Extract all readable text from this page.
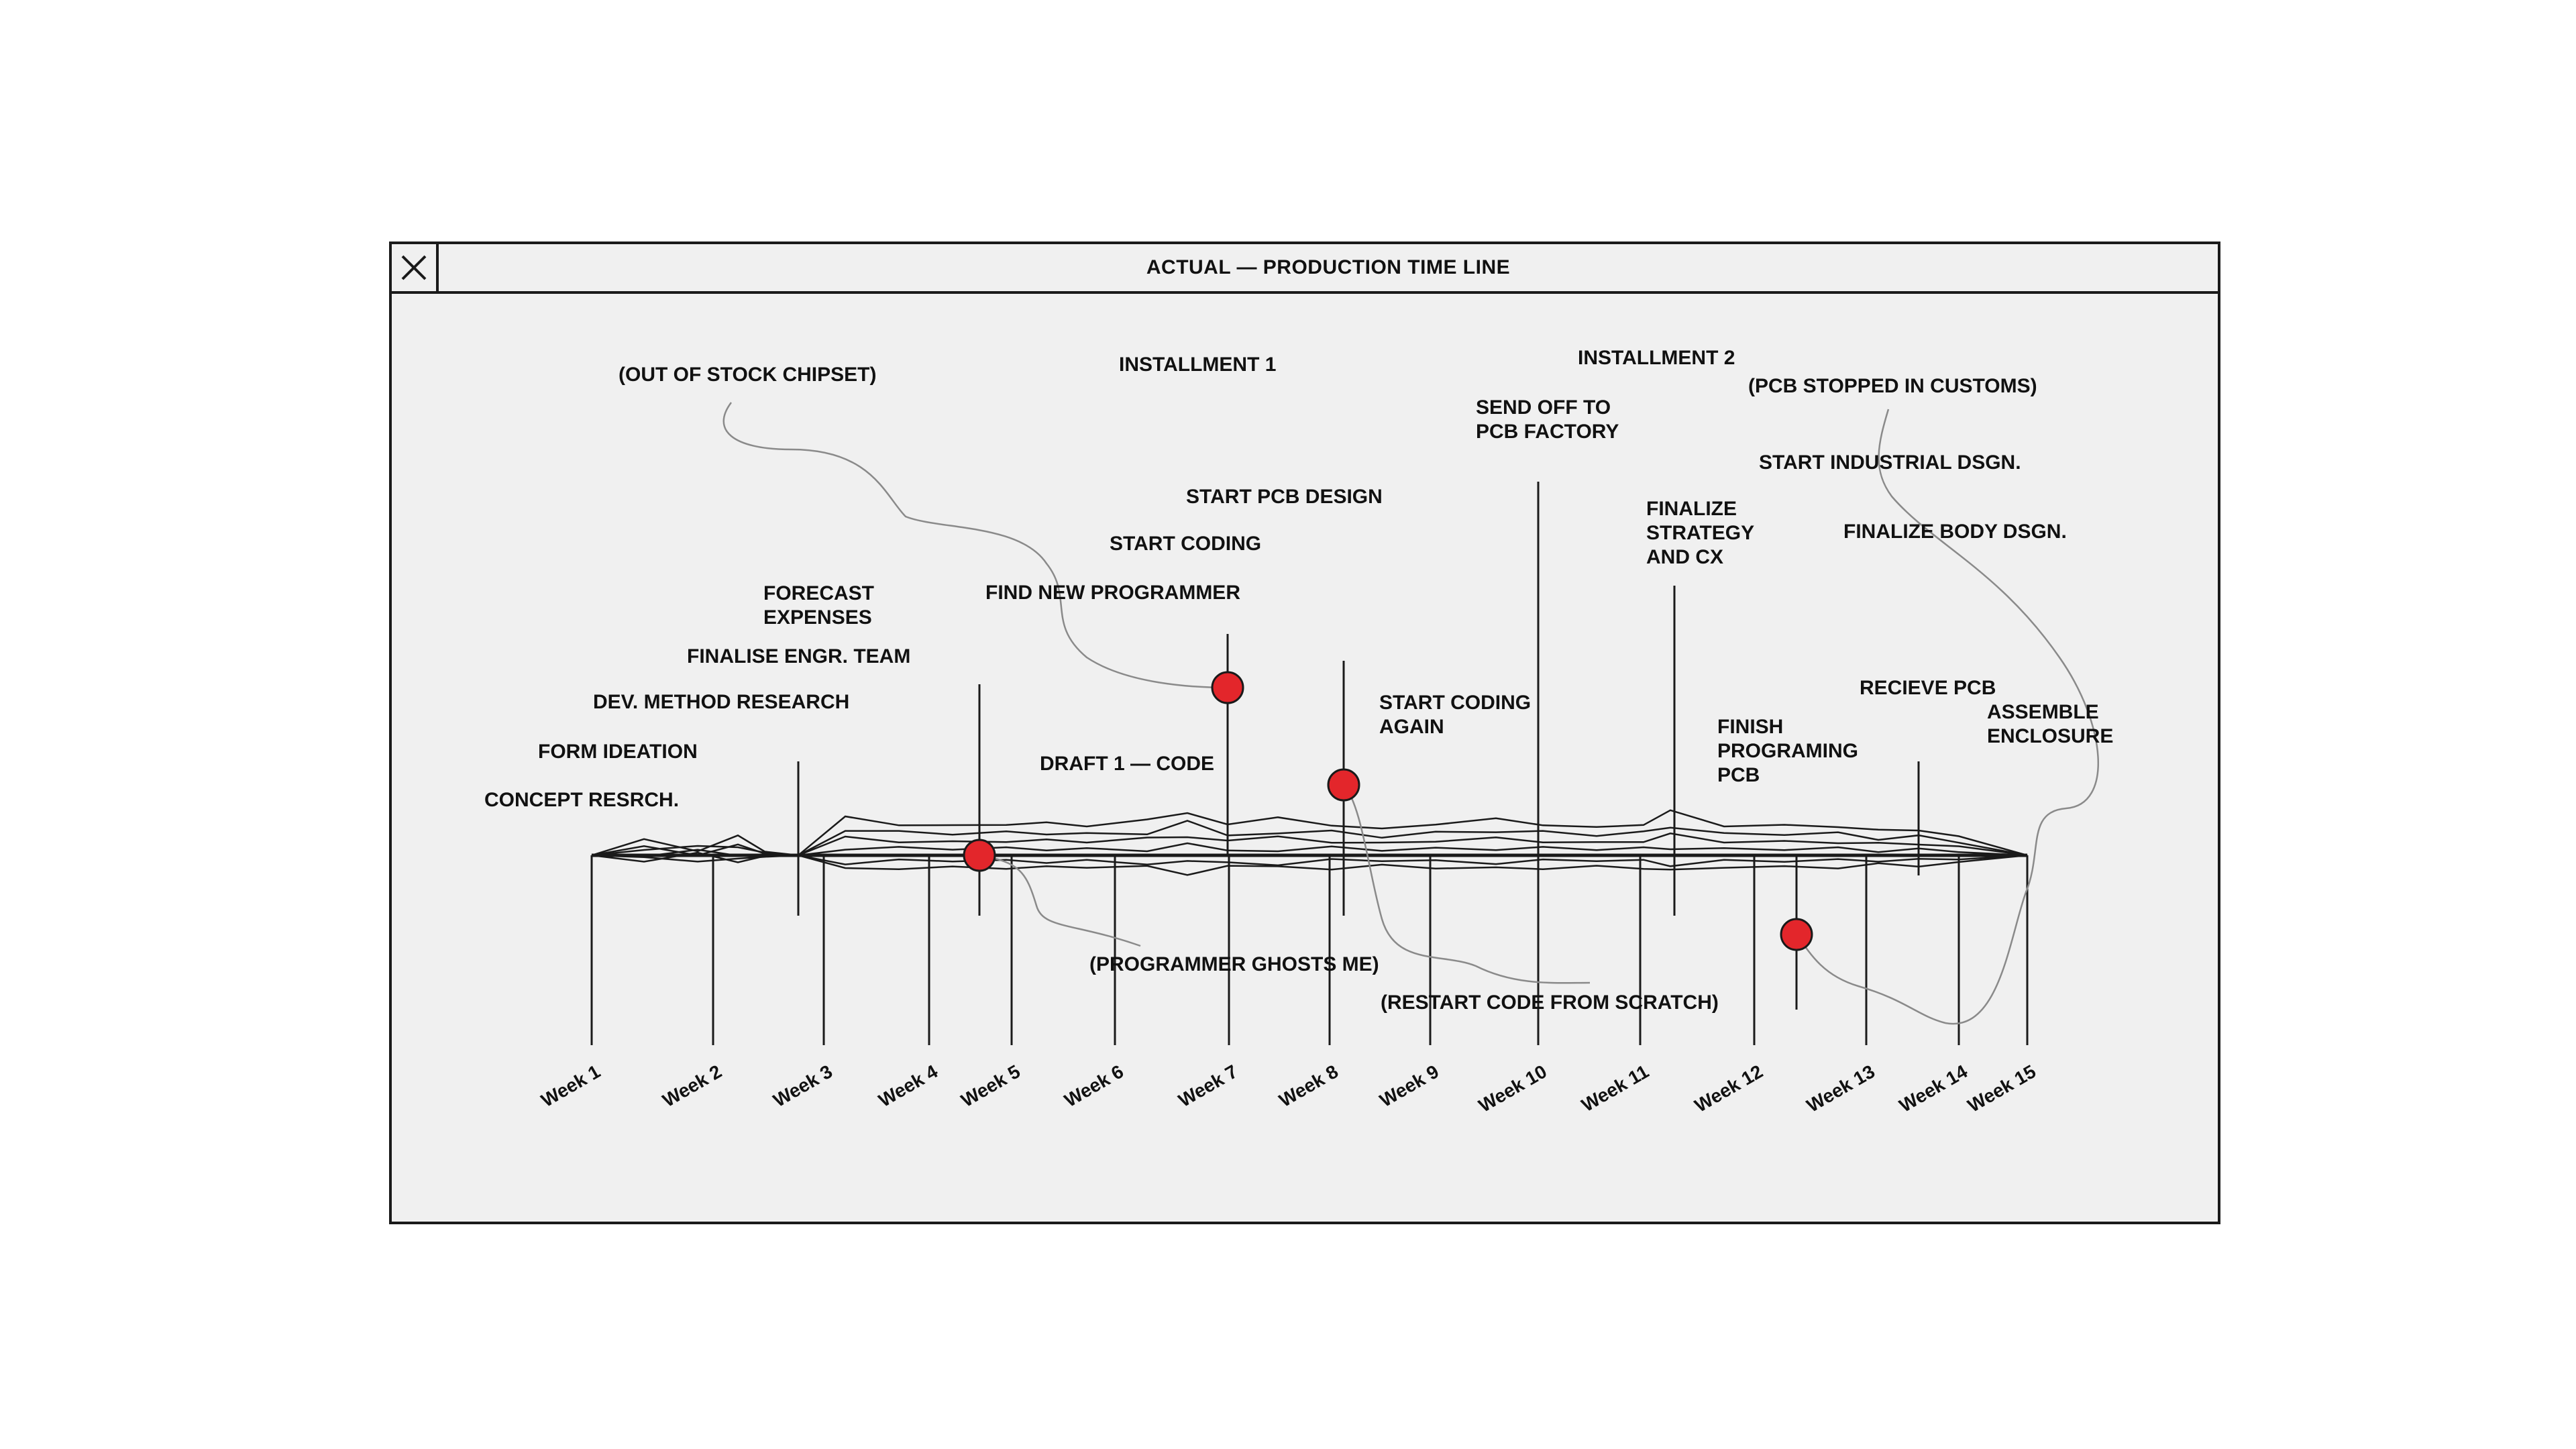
ACTUAL — PRODUCTION TIME LINE
CONCEPT RESRCH.
FORM IDEATION
DEV. METHOD RESEARCH
FINALISE ENGR. TEAM
FORECAST
EXPENSES
(OUT OF STOCK CHIPSET)
FIND NEW PROGRAMMER
DRAFT 1 — CODE
START CODING
START PCB DESIGN
INSTALLMENT 1
START CODING
AGAIN
SEND OFF TO
PCB FACTORY
INSTALLMENT 2
FINALIZE
STRATEGY
AND CX
(PCB STOPPED IN CUSTOMS)
START INDUSTRIAL DSGN.
FINALIZE BODY DSGN.
FINISH
PROGRAMING
PCB
RECIEVE PCB
ASSEMBLE
ENCLOSURE
(PROGRAMMER GHOSTS ME)
(RESTART CODE FROM SCRATCH)
Week 1	Week 2 Week 3 Week 4 Week 5 Week 6	Week 7 Week 8 Week 9 Week 10 Week 11 Week 12 Week 13 Week 14
Week 15
